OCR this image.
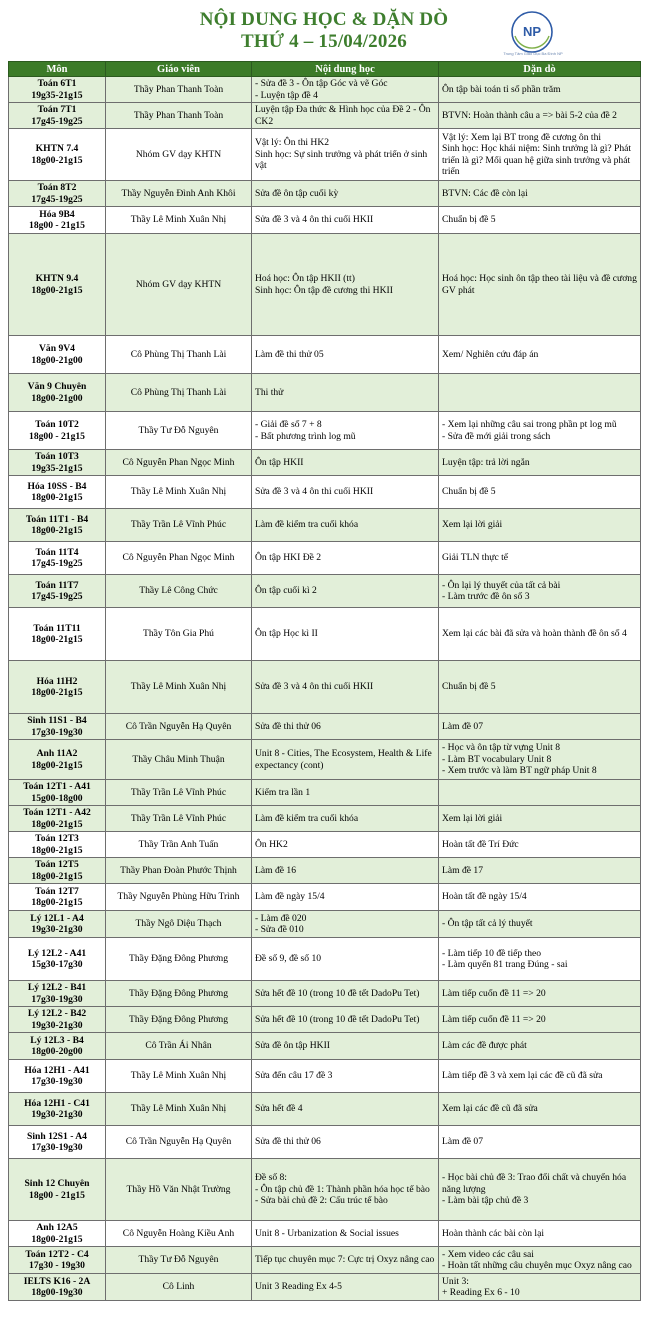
NỘI DUNG HỌC & DẶN DÒ
THỨ 4 – 15/04/2026	NP
Trung Tâm Giáo Dục Ba Đình NP
Môn	Giáo viên	Nội dung học	Dặn dò

Toán 6T1
19g35-21g15	Thầy Phan Thanh Toàn	- Sửa đề 3 - Ôn tập Góc và vẽ Góc
- Luyện tập đề 4	Ôn tập bài toán tỉ số phần trăm

Toán 7T1
17g45-19g25	Thầy Phan Thanh Toàn	Luyện tập Đa thức & Hình học của Đề 2 - Ôn CK2	BTVN: Hoàn thành câu a => bài 5-2 của đề 2

KHTN 7.4
18g00-21g15	Nhóm GV dạy KHTN	Vật lý: Ôn thi HK2
Sinh học: Sự sinh trưởng và phát triển ở sinh vật	Vật lý: Xem lại BT trong đề cương ôn thi
Sinh học: Học khái niệm: Sinh trưởng là gì? Phát triển là gì? Mối quan hệ giữa sinh trưởng và phát triển

Toán 8T2
17g45-19g25	Thầy Nguyễn Đình Anh Khôi	Sửa đề ôn tập cuối kỳ	BTVN: Các đề còn lại

Hóa 9B4
18g00 - 21g15	Thầy Lê Minh Xuân Nhị	Sửa đề 3 và 4 ôn thi cuối HKII	Chuẩn bị đề 5

KHTN 9.4
18g00-21g15	Nhóm GV dạy KHTN	Hoá học: Ôn tập HKII (tt)
Sinh học: Ôn tập đề cương thi HKII	Hoá học: Học sinh ôn tập theo tài liệu và đề cương GV phát

Văn 9V4
18g00-21g00	Cô Phùng Thị Thanh Lài	Làm đề thi thử 05	Xem/ Nghiên cứu đáp án

Văn 9 Chuyên
18g00-21g00	Cô Phùng Thị Thanh Lài	Thi thử	

Toán 10T2
18g00 - 21g15	Thầy Tư Đỗ Nguyên	- Giải đề số 7 + 8
- Bất phương trình log mũ	- Xem lại những câu sai trong phần pt log mũ
- Sửa đề mới giải trong sách

Toán 10T3
19g35-21g15	Cô Nguyễn Phan Ngọc Minh	Ôn tập HKII	Luyện tập: trả lời ngắn

Hóa 10SS - B4
18g00-21g15	Thầy Lê Minh Xuân Nhị	Sửa đề 3 và 4 ôn thi cuối HKII	Chuẩn bị đề 5

Toán 11T1 - B4
18g00-21g15	Thầy Trần Lê Vĩnh Phúc	Làm đề kiểm tra cuối khóa	Xem lại lời giải

Toán 11T4
17g45-19g25	Cô Nguyễn Phan Ngọc Minh	Ôn tập HKI Đề 2	Giải TLN thực tế

Toán 11T7
17g45-19g25	Thầy Lê Công Chức	Ôn tập cuối kì 2	- Ôn lại lý thuyết của tất cả bài
- Làm trước đề ôn số 3

Toán 11T11
18g00-21g15	Thầy Tôn Gia Phú	Ôn tập Học kì II	Xem lại các bài đã sửa và hoàn thành đề ôn số 4

Hóa 11H2
18g00-21g15	Thầy Lê Minh Xuân Nhị	Sửa đề 3 và 4 ôn thi cuối HKII	Chuẩn bị đề 5

Sinh 11S1 - B4
17g30-19g30	Cô Trần Nguyễn Hạ Quyên	Sửa đề thi thử 06	Làm đề 07

Anh 11A2
18g00-21g15	Thầy Châu Minh Thuận	Unit 8 - Cities, The Ecosystem, Health & Life expectancy (cont)	- Học và ôn tập từ vựng Unit 8
- Làm BT vocabulary Unit 8
- Xem trước và làm BT ngữ pháp Unit 8

Toán 12T1 - A41
15g00-18g00	Thầy Trần Lê Vĩnh Phúc	Kiểm tra lần 1	

Toán 12T1 - A42
18g00-21g15	Thầy Trần Lê Vĩnh Phúc	Làm đề kiểm tra cuối khóa	Xem lại lời giải

Toán 12T3
18g00-21g15	Thầy Trần Anh Tuấn	Ôn HK2	Hoàn tất đề Trí Đức

Toán 12T5
18g00-21g15	Thầy Phan Đoàn Phước Thịnh	Làm đề 16	Làm đề 17

Toán 12T7
18g00-21g15	Thầy Nguyễn Phùng Hữu Trình	Làm đề ngày 15/4	Hoàn tất đề ngày 15/4

Lý 12L1 - A4
19g30-21g30	Thầy Ngô Diệu Thạch	- Làm đề 020
- Sửa đề 010	- Ôn tập tất cả lý thuyết

Lý 12L2 - A41
15g30-17g30	Thầy Đặng Đông Phương	Đề số 9, đề số 10	- Làm tiếp 10 đề tiếp theo
- Làm quyển 81 trang Đúng - sai

Lý 12L2 - B41
17g30-19g30	Thầy Đặng Đông Phương	Sửa hết đề 10 (trong 10 đề tết DadoPu Tet)	Làm tiếp cuốn đề 11 => 20

Lý 12L2 - B42
19g30-21g30	Thầy Đặng Đông Phương	Sửa hết đề 10 (trong 10 đề tết DadoPu Tet)	Làm tiếp cuốn đề 11 => 20

Lý 12L3 - B4
18g00-20g00	Cô Trần Ái Nhân	Sửa đề ôn tập HKII	Làm các đề được phát

Hóa 12H1 - A41
17g30-19g30	Thầy Lê Minh Xuân Nhị	Sửa đến câu 17 đề 3	Làm tiếp đề 3 và xem lại các đề cũ đã sửa

Hóa 12H1 - C41
19g30-21g30	Thầy Lê Minh Xuân Nhị	Sửa hết đề 4	Xem lại các đề cũ đã sửa

Sinh 12S1 - A4
17g30-19g30	Cô Trần Nguyễn Hạ Quyên	Sửa đề thi thử 06	Làm đề 07

Sinh 12 Chuyên
18g00 - 21g15	Thầy Hồ Văn Nhật Trường	Đề số 8:
- Ôn tập chủ đề 1: Thành phần hóa học tế bào
- Sửa bài chủ đề 2: Cấu trúc tế bào	- Học bài chủ đề 3: Trao đổi chất và chuyển hóa năng lượng
- Làm bài tập chủ đề 3

Anh 12A5
18g00-21g15	Cô Nguyễn Hoàng Kiều Anh	Unit 8 - Urbanization & Social issues	Hoàn thành các bài còn lại

Toán 12T2 - C4
17g30 - 19g30	Thầy Tư Đỗ Nguyên	Tiếp tục chuyên mục 7: Cực trị Oxyz nâng cao	- Xem video các câu sai
- Hoàn tất những câu chuyên mục Oxyz nâng cao

IELTS K16 - 2A
18g00-19g30	Cô Linh	Unit 3 Reading Ex 4-5	Unit 3:
+ Reading Ex 6 - 10
